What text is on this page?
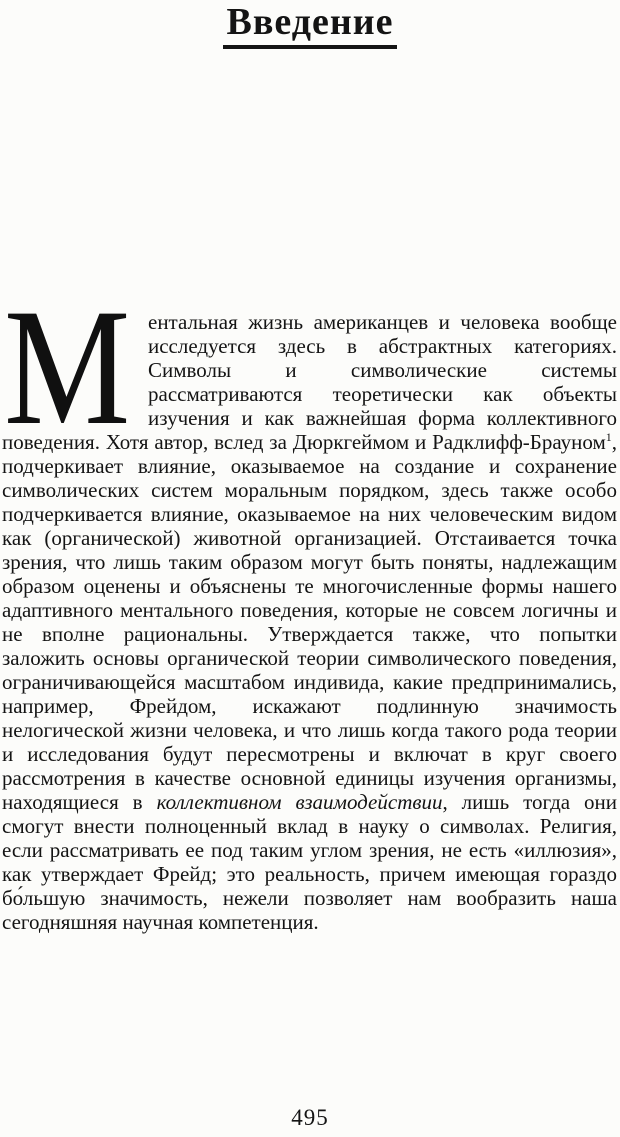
Введение

М ентальная жизнь американцев и человека вообще исследуется здесь в абстрактных категориях. Символы и символические системы рассматриваются теоретически как объекты изучения и как важнейшая форма коллективного поведения. Хотя автор, вслед за Дюркгеймом и Радклифф-Брауном$^1$, подчеркивает влияние, оказываемое на создание и сохранение символических систем моральным порядком, здесь также особо подчеркивается влияние, оказываемое на них человеческим видом как (органической) животной организацией. Отстаивается точка зрения, что лишь таким образом могут быть поняты, надлежащим образом оценены и объяснены те многочисленные формы нашего адаптивного ментального поведения, которые не совсем логичны и не вполне рациональны. Утверждается также, что попытки заложить основы органической теории символического поведения, ограничивающейся масштабом индивида, какие предпринимались, например, Фрейдом, искажают подлинную значимость нелогической жизни человека, и что лишь когда такого рода теории и исследования будут пересмотрены и включат в круг своего рассмотрения в качестве основной единицы изучения организмы, находящиеся в коллективном взаимодействии, лишь тогда они смогут внести полноценный вклад в науку о символах. Религия, если рассматривать ее под таким углом зрения, не есть «иллюзия», как утверждает Фрейд; это реальность, причем имеющая гораздо бо́льшую значимость, нежели позволяет нам вообразить наша сегодняшняя научная компетенция.

495
